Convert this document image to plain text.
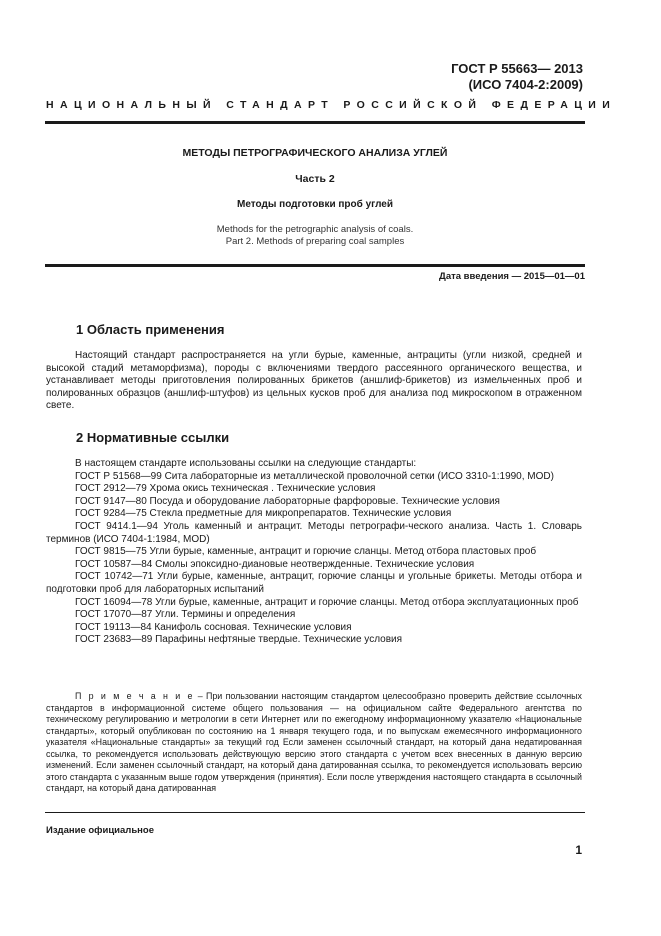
ГОСТ Р 55663— 2013
(ИСО 7404-2:2009)
НАЦИОНАЛЬНЫЙ СТАНДАРТ РОССИЙСКОЙ ФЕДЕРАЦИИ
МЕТОДЫ ПЕТРОГРАФИЧЕСКОГО АНАЛИЗА УГЛЕЙ
Часть 2
Методы подготовки проб углей
Methods for the petrographic analysis of coals.
Part 2. Methods of preparing coal samples
Дата введения — 2015—01—01
1 Область применения

Настоящий стандарт распространяется на угли бурые, каменные, антрациты (угли низкой, средней и высокой стадий метаморфизма), породы с включениями твердого рассеянного органического вещества, и устанавливает методы приготовления полированных брикетов (аншлиф-брикетов) из измельченных проб и полированных образцов (аншлиф-штуфов) из цельных кусков проб для анализа под микроскопом в отраженном свете.

2 Нормативные ссылки

В настоящем стандарте использованы ссылки на следующие стандарты:

ГОСТ Р 51568—99 Сита лабораторные из металлической проволочной сетки (ИСО 3310-1:1990, MOD)

ГОСТ 2912—79 Хрома окись техническая . Технические условия

ГОСТ 9147—80 Посуда и оборудование лабораторные фарфоровые. Технические условия

ГОСТ 9284—75 Стекла предметные для микропрепаратов. Технические условия

ГОСТ 9414.1—94 Уголь каменный и антрацит. Методы петрографи-ческого анализа. Часть 1. Словарь терминов (ИСО 7404-1:1984, MOD)

ГОСТ 9815—75 Угли бурые, каменные, антрацит и горючие сланцы. Метод отбора пластовых проб

ГОСТ 10587—84 Смолы эпоксидно-диановые неотвержденные. Технические условия

ГОСТ 10742—71 Угли бурые, каменные, антрацит, горючие сланцы и угольные брикеты. Методы отбора и подготовки проб для лабораторных испытаний

ГОСТ 16094—78 Угли бурые, каменные, антрацит и горючие сланцы. Метод отбора эксплуатационных проб

ГОСТ 17070—87 Угли. Термины и определения

ГОСТ 19113—84 Канифоль сосновая. Технические условия

ГОСТ 23683—89 Парафины нефтяные твердые. Технические условия

П р и м е ч а н и е – При пользовании настоящим стандартом целесообразно проверить действие ссылочных стандартов в информационной системе общего пользования — на официальном сайте Федерального агентства по техническому регулированию и метрологии в сети Интернет или по ежегодному информационному указателю «Национальные стандарты», который опубликован по состоянию на 1 января текущего года, и по выпускам ежемесячного информационного указателя «Национальные стандарты» за текущий год Если заменен ссылочный стандарт, на который дана недатированная ссылка, то рекомендуется использовать действующую версию этого стандарта с учетом всех внесенных в данную версию изменений. Если заменен ссылочный стандарт, на который дана датированная ссылка, то рекомендуется использовать версию этого стандарта с указанным выше годом утверждения (принятия). Если после утверждения настоящего стандарта в ссылочный стандарт, на который дана датированная

Издание официальное
1
